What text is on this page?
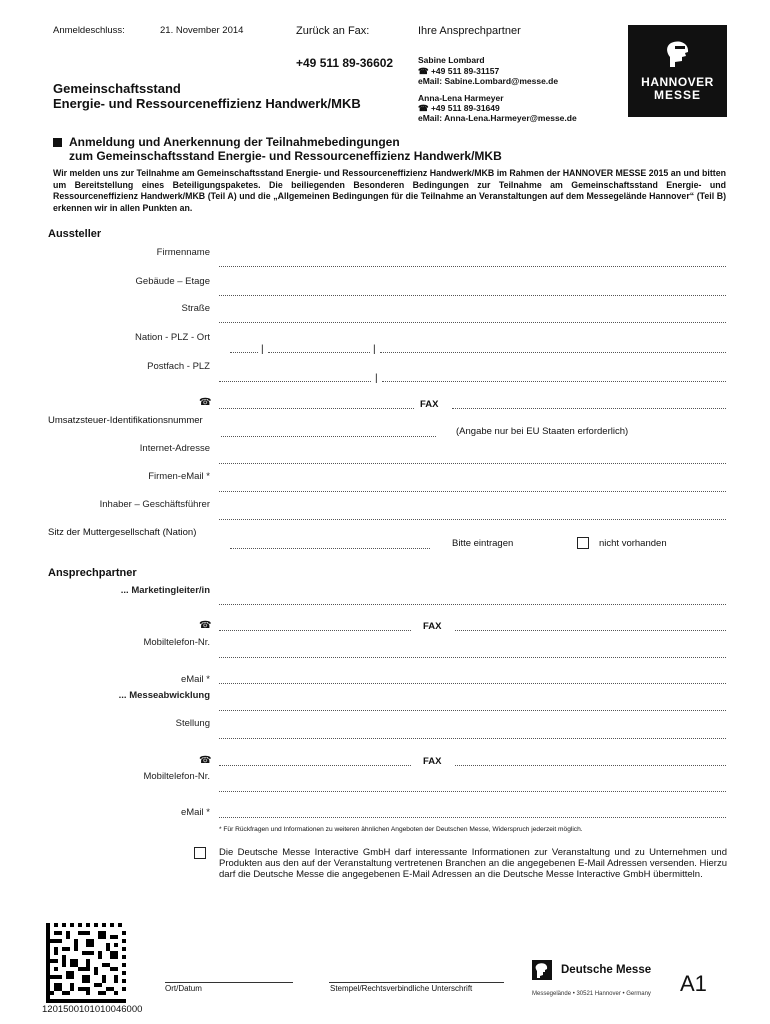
Anmeldeschluss:	21. November 2014	Zurück an Fax:	Ihre Ansprechpartner
+49 511 89-36602
Gemeinschaftsstand
Energie- und Ressourceneffizienz Handwerk/MKB
Sabine Lombard
☎ +49 511 89-31157
eMail: Sabine.Lombard@messe.de
Anna-Lena Harmeyer
☎ +49 511 89-31649
eMail: Anna-Lena.Harmeyer@messe.de
HANNOVER
MESSE
Anmeldung und Anerkennung der Teilnahmebedingungen
zum Gemeinschaftsstand Energie- und Ressourceneffizienz Handwerk/MKB
Wir melden uns zur Teilnahme am Gemeinschaftsstand Energie- und Ressourceneffizienz Handwerk/MKB im Rahmen der HANNOVER MESSE 2015 an und bitten um Bereitstellung eines Beteiligungspaketes. Die beiliegenden Besonderen Bedingungen zur Teilnahme am Gemeinschaftsstand Energie- und Ressourceneffizienz Handwerk/MKB (Teil A) und die „Allgemeinen Bedingungen für die Teilnahme an Veranstaltungen auf dem Messegelände Hannover“ (Teil B) erkennen wir in allen Punkten an.
Aussteller
Firmenname
Gebäude – Etage
Straße
Nation - PLZ - Ort
|	|
Postfach - PLZ
|
☎	FAX
Umsatzsteuer-Identifikationsnummer
(Angabe nur bei EU Staaten erforderlich)
Internet-Adresse
Firmen-eMail *
Inhaber – Geschäftsführer
Sitz der Muttergesellschaft (Nation)
Bitte eintragen	nicht vorhanden
Ansprechpartner
... Marketingleiter/in
☎	FAX
Mobiltelefon-Nr.
eMail *
... Messeabwicklung
Stellung
☎	FAX
Mobiltelefon-Nr.
eMail *
* Für Rückfragen und Informationen zu weiteren ähnlichen Angeboten der Deutschen Messe, Widerspruch jederzeit möglich.
Die Deutsche Messe Interactive GmbH darf interessante Informationen zur Veranstaltung und zu Unternehmen und Produkten aus den auf der Veranstaltung vertretenen Branchen an die angegebenen E-Mail Adressen versenden. Hierzu darf die Deutsche Messe die angegebenen E-Mail Adressen an die Deutsche Messe Interactive GmbH übermitteln.
1201500101010046000
Ort/Datum	Stempel/Rechtsverbindliche Unterschrift
Deutsche Messe
Messegelände • 30521 Hannover • Germany A1
